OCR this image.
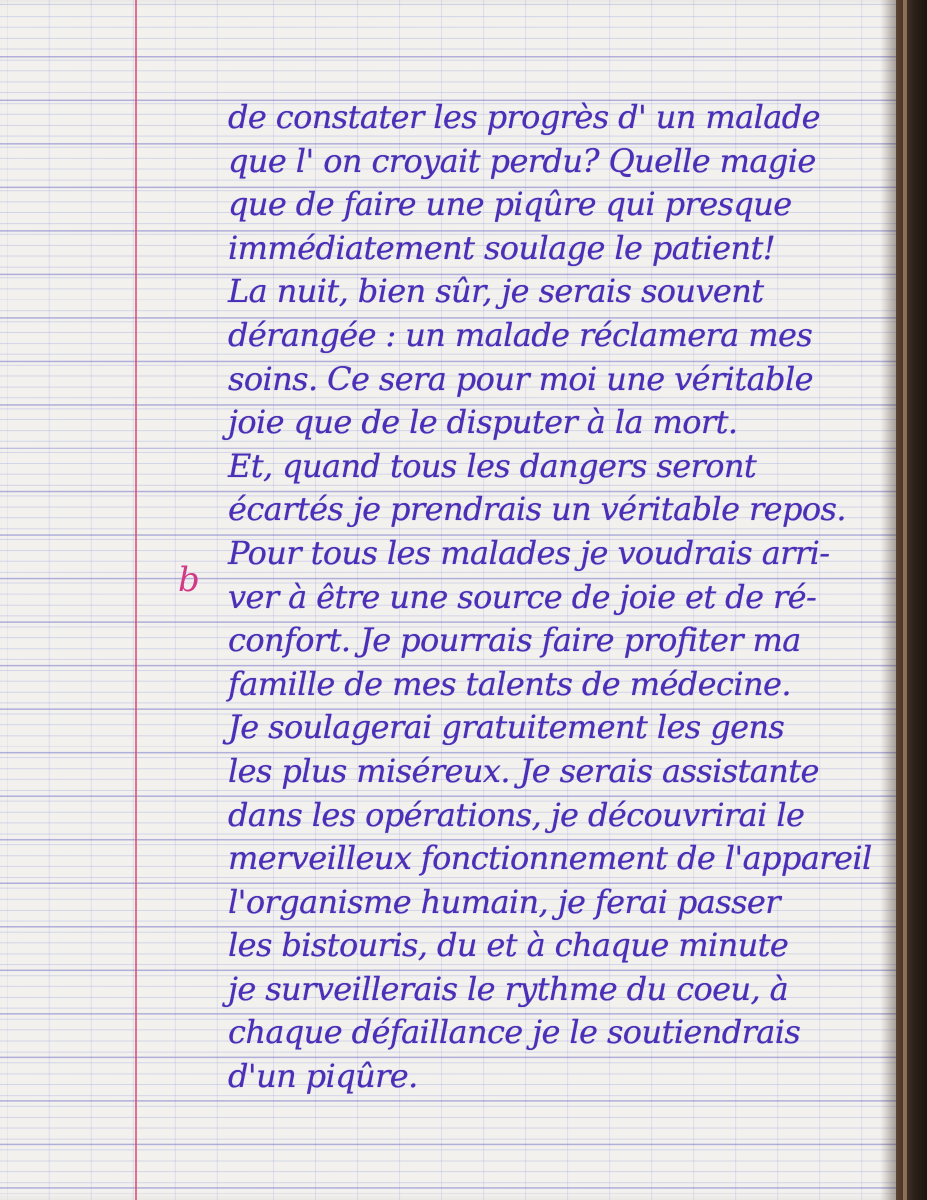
b
de constater les progrès d' un malade
que l' on croyait perdu? Quelle magie
que de faire une piqûre qui presque
immédiatement soulage le patient!
La nuit, bien sûr, je serais souvent
dérangée : un malade réclamera mes
soins. Ce sera pour moi une véritable
joie que de le disputer à la mort.
Et, quand tous les dangers seront
écartés je prendrais un véritable repos.
Pour tous les malades je voudrais arri-
ver à être une source de joie et de ré-
confort. Je pourrais faire profiter ma
famille de mes talents de médecine.
Je soulagerai gratuitement les gens
les plus miséreux. Je serais assistante
dans les opérations, je découvrirai le
merveilleux fonctionnement de l'appareil
l'organisme humain, je ferai passer
les bistouris, du et à chaque minute
je surveillerais le rythme du coeu, à
chaque défaillance je le soutiendrais
d'un piqûre.
